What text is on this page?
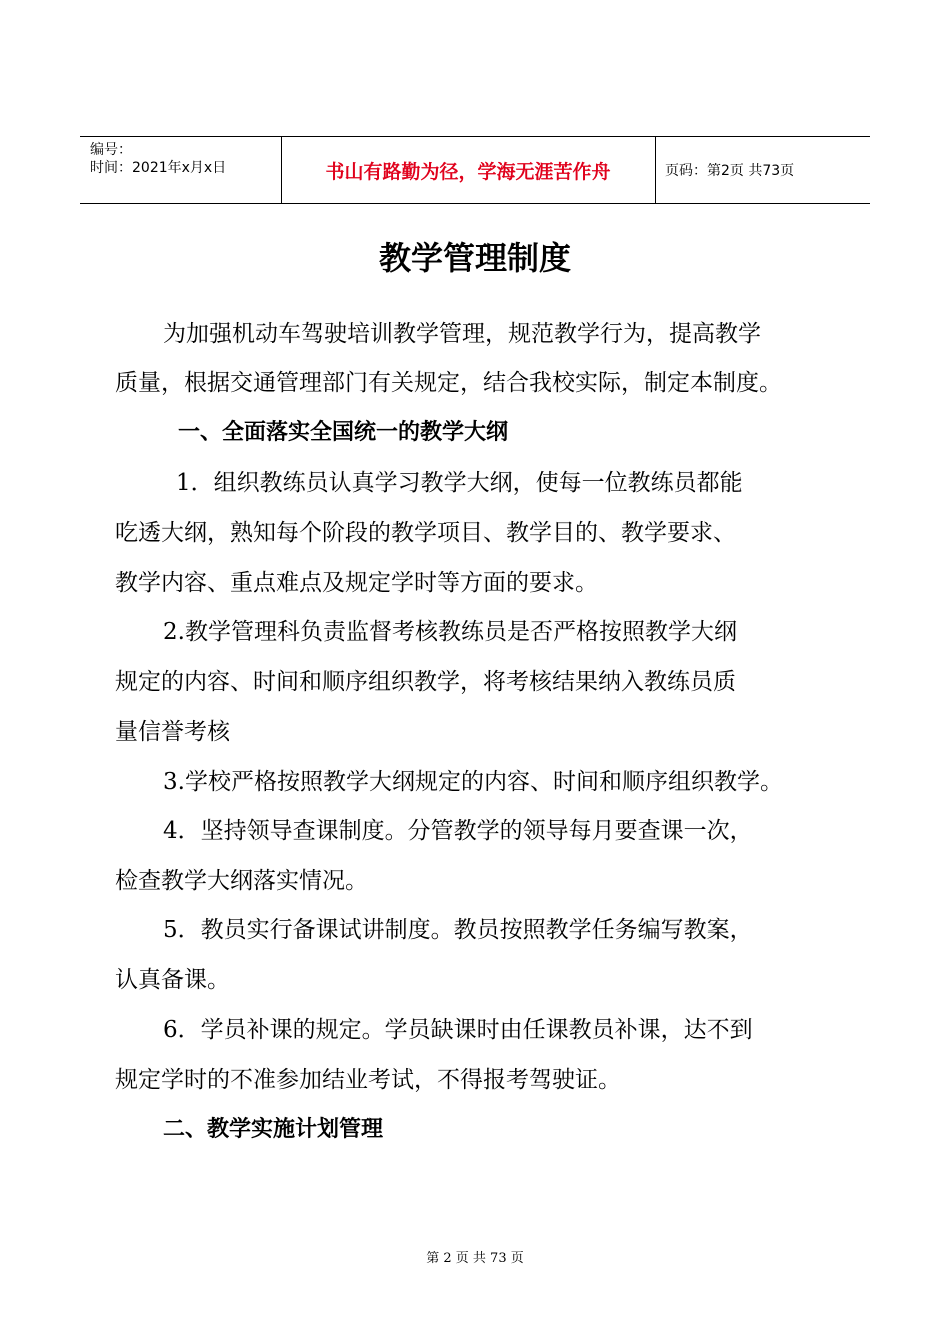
编号：
时间：2021年x月x日	书山有路勤为径，学海无涯苦作舟	页码：第2页 共73页
教学管理制度
为加强机动车驾驶培训教学管理，规范教学行为，提高教学
质量，根据交通管理部门有关规定，结合我校实际，制定本制度。
一、全面落实全国统一的教学大纲
1．组织教练员认真学习教学大纲，使每一位教练员都能
吃透大纲，熟知每个阶段的教学项目、教学目的、教学要求、
教学内容、重点难点及规定学时等方面的要求。
2.教学管理科负责监督考核教练员是否严格按照教学大纲
规定的内容、时间和顺序组织教学，将考核结果纳入教练员质
量信誉考核
3.学校严格按照教学大纲规定的内容、时间和顺序组织教学。
4．坚持领导查课制度。分管教学的领导每月要查课一次，
检查教学大纲落实情况。
5．教员实行备课试讲制度。教员按照教学任务编写教案，
认真备课。
6．学员补课的规定。学员缺课时由任课教员补课，达不到
规定学时的不准参加结业考试，不得报考驾驶证。
二、教学实施计划管理
第 2 页 共 73 页
